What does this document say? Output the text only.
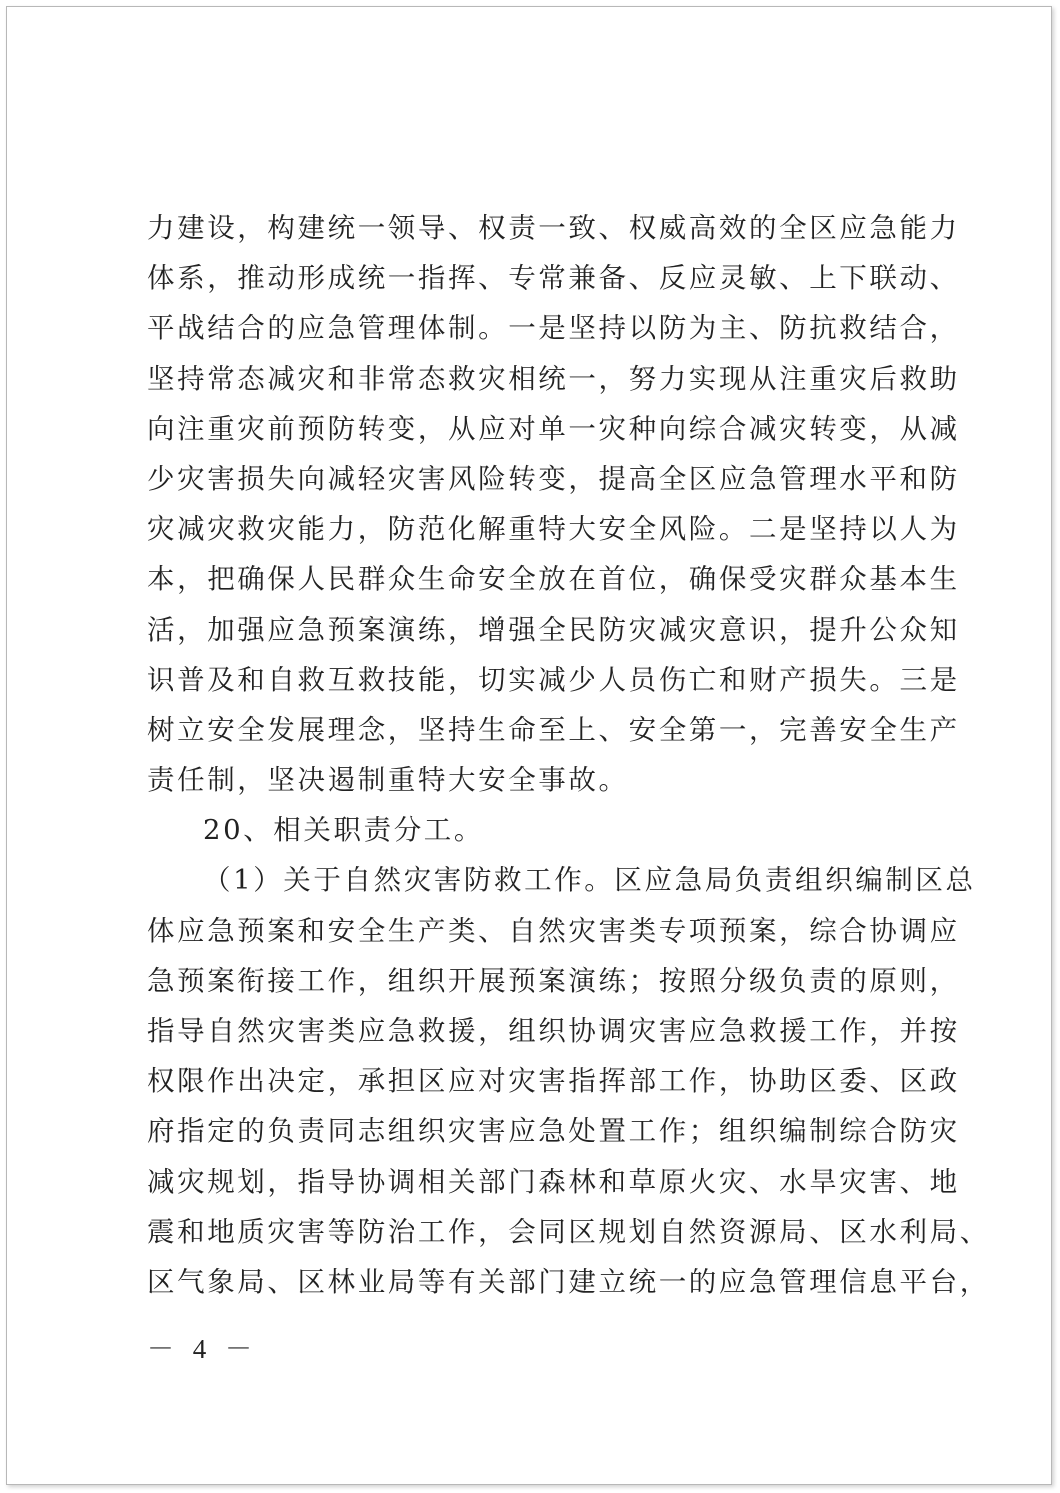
力建设，构建统一领导、权责一致、权威高效的全区应急能力
体系，推动形成统一指挥、专常兼备、反应灵敏、上下联动、
平战结合的应急管理体制。一是坚持以防为主、防抗救结合，
坚持常态减灾和非常态救灾相统一，努力实现从注重灾后救助
向注重灾前预防转变，从应对单一灾种向综合减灾转变，从减
少灾害损失向减轻灾害风险转变，提高全区应急管理水平和防
灾减灾救灾能力，防范化解重特大安全风险。二是坚持以人为
本，把确保人民群众生命安全放在首位，确保受灾群众基本生
活，加强应急预案演练，增强全民防灾减灾意识，提升公众知
识普及和自救互救技能，切实减少人员伤亡和财产损失。三是
树立安全发展理念，坚持生命至上、安全第一，完善安全生产
责任制，坚决遏制重特大安全事故。
20、相关职责分工。
（1）关于自然灾害防救工作。区应急局负责组织编制区总
体应急预案和安全生产类、自然灾害类专项预案，综合协调应
急预案衔接工作，组织开展预案演练；按照分级负责的原则，
指导自然灾害类应急救援，组织协调灾害应急救援工作，并按
权限作出决定，承担区应对灾害指挥部工作，协助区委、区政
府指定的负责同志组织灾害应急处置工作；组织编制综合防灾
减灾规划，指导协调相关部门森林和草原火灾、水旱灾害、地
震和地质灾害等防治工作，会同区规划自然资源局、区水利局、
区气象局、区林业局等有关部门建立统一的应急管理信息平台，
－ 4 －
